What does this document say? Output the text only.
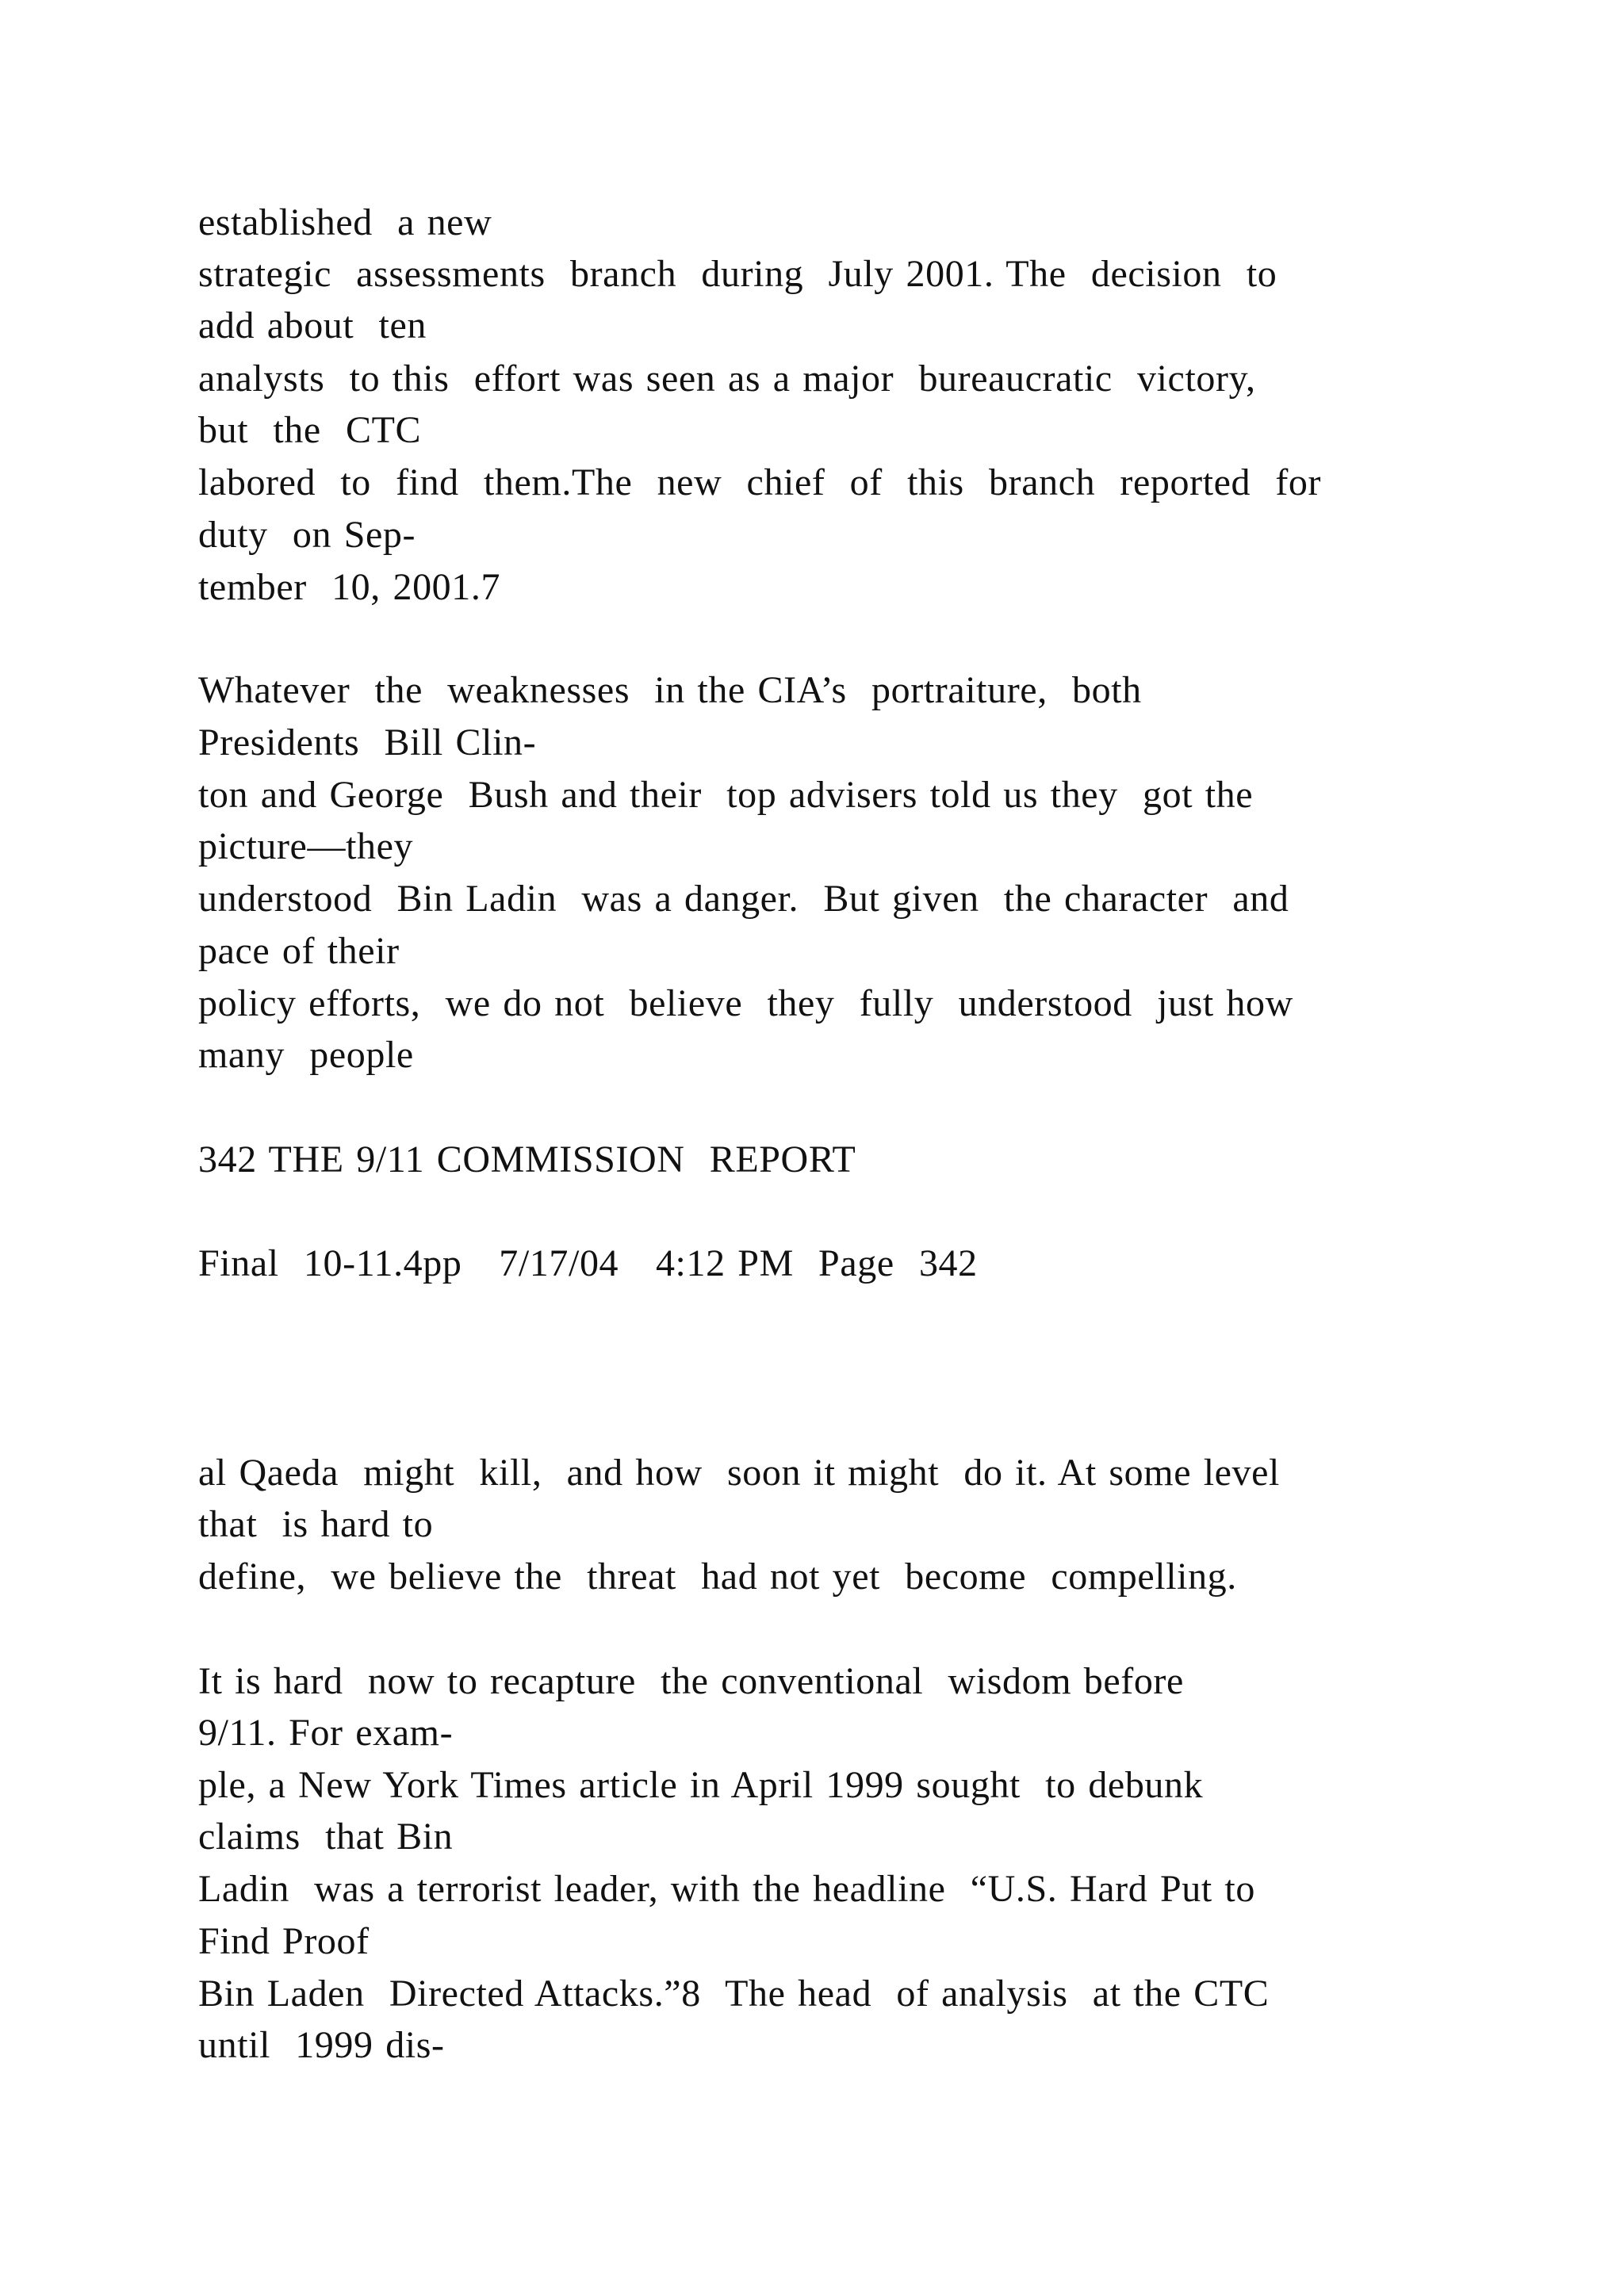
established  a new
strategic  assessments  branch  during  July 2001. The  decision  to
add about  ten
analysts  to this  effort was seen as a major  bureaucratic  victory,
but  the  CTC
labored  to  find  them.The  new  chief  of  this  branch  reported  for
duty  on Sep-
tember  10, 2001.7
Whatever  the  weaknesses  in the CIA’s  portraiture,  both
Presidents  Bill Clin-
ton and George  Bush and their  top advisers told us they  got the
picture—they
understood  Bin Ladin  was a danger.  But given  the character  and
pace of their
policy efforts,  we do not  believe  they  fully  understood  just how
many  people
342 THE 9/11 COMMISSION  REPORT
Final  10-11.4pp   7/17/04   4:12 PM  Page  342
al Qaeda  might  kill,  and how  soon it might  do it. At some level
that  is hard to
define,  we believe the  threat  had not yet  become  compelling.
It is hard  now to recapture  the conventional  wisdom before
9/11. For exam-
ple, a New York Times article in April 1999 sought  to debunk
claims  that Bin
Ladin  was a terrorist leader, with the headline  “U.S. Hard Put to
Find Proof
Bin Laden  Directed Attacks.”8  The head  of analysis  at the CTC
until  1999 dis-
